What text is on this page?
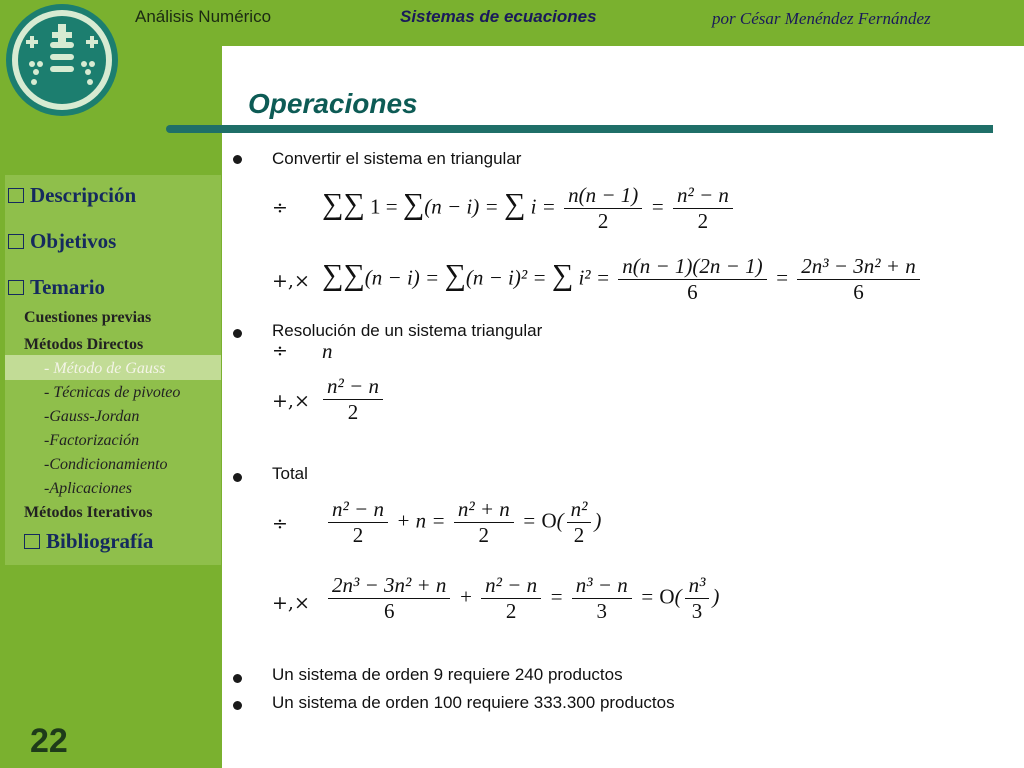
Análisis Numérico	Sistemas de ecuaciones	por César Menéndez Fernández
Operaciones
Descripción
Objetivos
Temario
Cuestiones previas
Métodos Directos
- Método de Gauss
- Técnicas de pivoteo
-Gauss-Jordan
-Factorización
-Condicionamiento
-Aplicaciones
Métodos Iterativos
Bibliografía
22
Convertir el sistema en triangular
÷ ∑∑ 1 = ∑(n − i) = ∑ $i = \frac{n(n - 1)}{2} = \frac{\text{n² − n}}{2}$
+,× ∑∑(n − i) = ∑(n − i)² = ∑ $i^2 = \frac{n(n - 1)(2n - 1)}{6} = \frac{\text{2n³ − 3n² + n}}{6}$
Resolución de un sistema triangular
÷ n
+,× $\frac{\text{n² − n}}{2}$
Total
÷ $\frac{\text{n² − n}}{2} + n = \frac{\text{n² + n}}{2} = O( \frac{\text{n²}}{2}$ )
+,× $\frac{\text{2n³ − 3n² + n}}{6} + \frac{\text{n² − n}}{2} = \frac{\text{n³ − n}}{3} = O( \frac{\text{n³}}{3}$ )
Un sistema de orden 9 requiere 240 productos
Un sistema de orden 100 requiere 333.300 productos
